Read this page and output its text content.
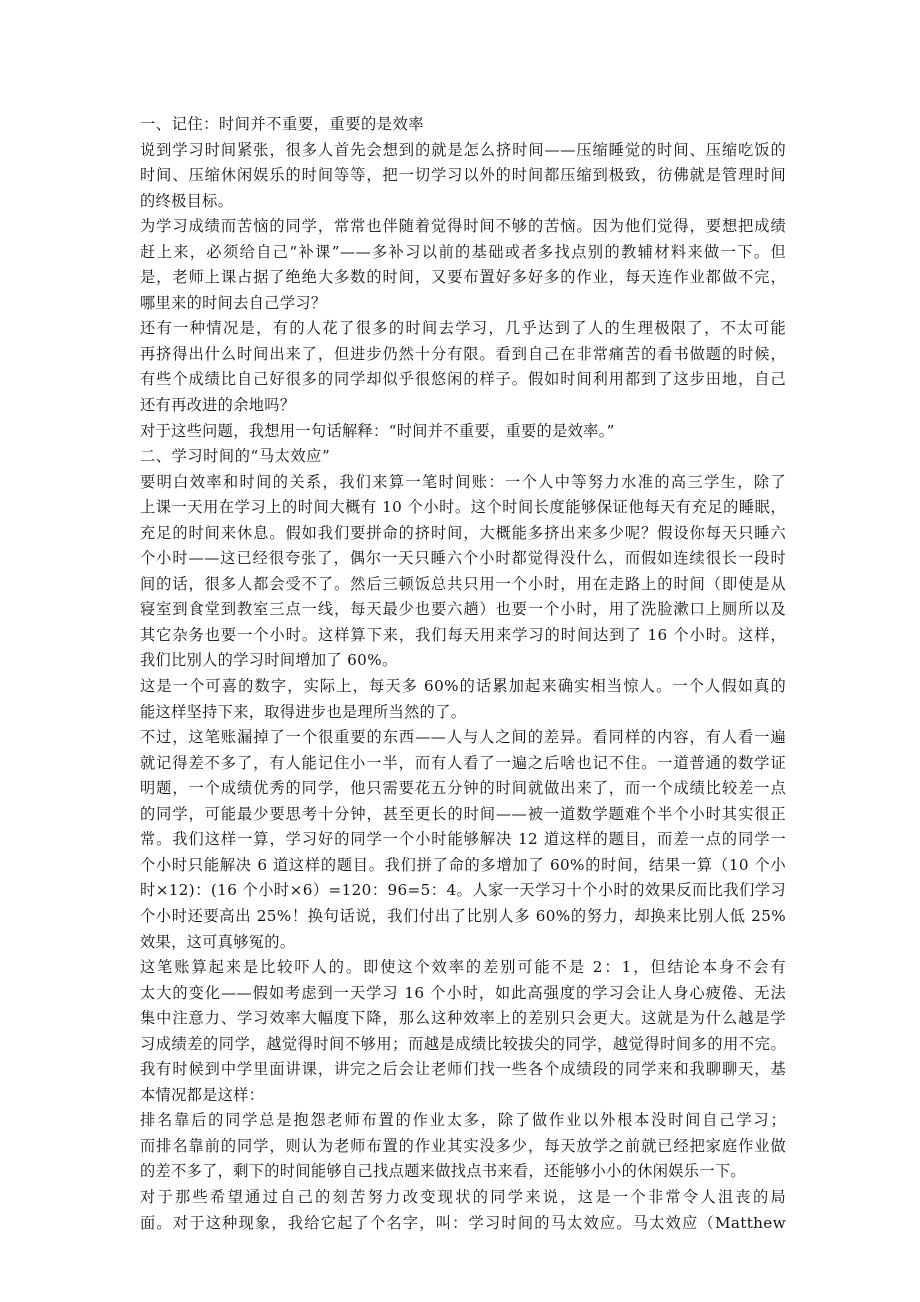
一、记住：时间并不重要，重要的是效率
说到学习时间紧张，很多人首先会想到的就是怎么挤时间——压缩睡觉的时间、压缩吃饭的
时间、压缩休闲娱乐的时间等等，把一切学习以外的时间都压缩到极致，彷佛就是管理时间
的终极目标。
为学习成绩而苦恼的同学，常常也伴随着觉得时间不够的苦恼。因为他们觉得，要想把成绩
赶上来，必须给自己“补课”——多补习以前的基础或者多找点别的教辅材料来做一下。但
是，老师上课占据了绝绝大多数的时间，又要布置好多好多的作业，每天连作业都做不完，
哪里来的时间去自己学习？
还有一种情况是，有的人花了很多的时间去学习，几乎达到了人的生理极限了，不太可能
再挤得出什么时间出来了，但进步仍然十分有限。看到自己在非常痛苦的看书做题的时候，
有些个成绩比自己好很多的同学却似乎很悠闲的样子。假如时间利用都到了这步田地，自己
还有再改进的余地吗？
对于这些问题，我想用一句话解释：“时间并不重要，重要的是效率。”
二、学习时间的“马太效应”
要明白效率和时间的关系，我们来算一笔时间账：一个人中等努力水准的高三学生，除了
上课一天用在学习上的时间大概有 10 个小时。这个时间长度能够保证他每天有充足的睡眠，
充足的时间来休息。假如我们要拼命的挤时间，大概能多挤出来多少呢？假设你每天只睡六
个小时——这已经很夸张了，偶尔一天只睡六个小时都觉得没什么，而假如连续很长一段时
间的话，很多人都会受不了。然后三顿饭总共只用一个小时，用在走路上的时间（即使是从
寝室到食堂到教室三点一线，每天最少也要六趟）也要一个小时，用了洗脸漱口上厕所以及
其它杂务也要一个小时。这样算下来，我们每天用来学习的时间达到了 16 个小时。这样，
我们比别人的学习时间增加了 60%。
这是一个可喜的数字，实际上，每天多 60%的话累加起来确实相当惊人。一个人假如真的
能这样坚持下来，取得进步也是理所当然的了。
不过，这笔账漏掉了一个很重要的东西——人与人之间的差异。看同样的内容，有人看一遍
就记得差不多了，有人能记住小一半，而有人看了一遍之后啥也记不住。一道普通的数学证
明题，一个成绩优秀的同学，他只需要花五分钟的时间就做出来了，而一个成绩比较差一点
的同学，可能最少要思考十分钟，甚至更长的时间——被一道数学题难个半个小时其实很正
常。我们这样一算，学习好的同学一个小时能够解决 12 道这样的题目，而差一点的同学一
个小时只能解决 6 道这样的题目。我们拼了命的多增加了 60%的时间，结果一算（10 个小
时×12)：(16 个小时×6）=120：96=5：4。人家一天学习十个小时的效果反而比我们学习
个小时还要高出 25%！换句话说，我们付出了比别人多 60%的努力，却换来比别人低 25%
效果，这可真够冤的。
这笔账算起来是比较吓人的。即使这个效率的差别可能不是 2：1，但结论本身不会有
太大的变化——假如考虑到一天学习 16 个小时，如此高强度的学习会让人身心疲倦、无法
集中注意力、学习效率大幅度下降，那么这种效率上的差别只会更大。这就是为什么越是学
习成绩差的同学，越觉得时间不够用；而越是成绩比较拔尖的同学，越觉得时间多的用不完。
我有时候到中学里面讲课，讲完之后会让老师们找一些各个成绩段的同学来和我聊聊天，基
本情况都是这样：
排名靠后的同学总是抱怨老师布置的作业太多，除了做作业以外根本没时间自己学习；
而排名靠前的同学，则认为老师布置的作业其实没多少，每天放学之前就已经把家庭作业做
的差不多了，剩下的时间能够自己找点题来做找点书来看，还能够小小的休闲娱乐一下。
对于那些希望通过自己的刻苦努力改变现状的同学来说，这是一个非常令人沮丧的局
面。对于这种现象，我给它起了个名字，叫：学习时间的马太效应。马太效应（Matthew
